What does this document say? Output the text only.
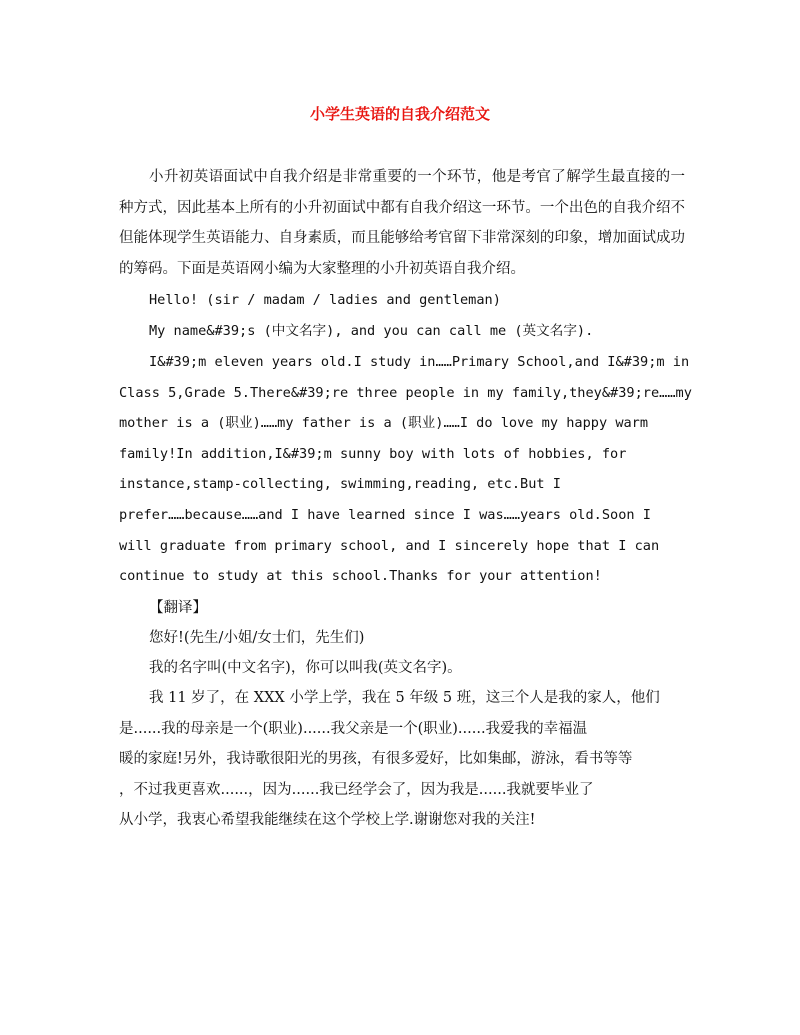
小学生英语的自我介绍范文
小升初英语面试中自我介绍是非常重要的一个环节，他是考官了解学生最直接的一种方式，因此基本上所有的小升初面试中都有自我介绍这一环节。一个出色的自我介绍不但能体现学生英语能力、自身素质，而且能够给考官留下非常深刻的印象，增加面试成功的筹码。下面是英语网小编为大家整理的小升初英语自我介绍。
Hello! (sir / madam / ladies and gentleman)
My name&#39;s (中文名字), and you can call me (英文名字).
I&#39;m eleven years old.I study in……Primary School,and I&#39;m in
Class 5,Grade 5.There&#39;re three people in my family,they&#39;re……my
mother is a (职业)……my father is a (职业)……I do love my happy warm
family!In addition,I&#39;m sunny boy with lots of hobbies, for
instance,stamp-collecting, swimming,reading, etc.But I
prefer……because……and I have learned since I was……years old.Soon I
will graduate from primary school, and I sincerely hope that I can
continue to study at this school.Thanks for your attention!
【翻译】
您好!(先生/小姐/女士们，先生们)
我的名字叫(中文名字)，你可以叫我(英文名字)。
我 11 岁了，在 XXX 小学上学，我在 5 年级 5 班，这三个人是我的家人，他们
是......我的母亲是一个(职业)......我父亲是一个(职业)......我爱我的幸福温
暖的家庭!另外，我诗歌很阳光的男孩，有很多爱好，比如集邮，游泳，看书等等
，不过我更喜欢......，因为......我已经学会了，因为我是......我就要毕业了
从小学，我衷心希望我能继续在这个学校上学.谢谢您对我的关注!
